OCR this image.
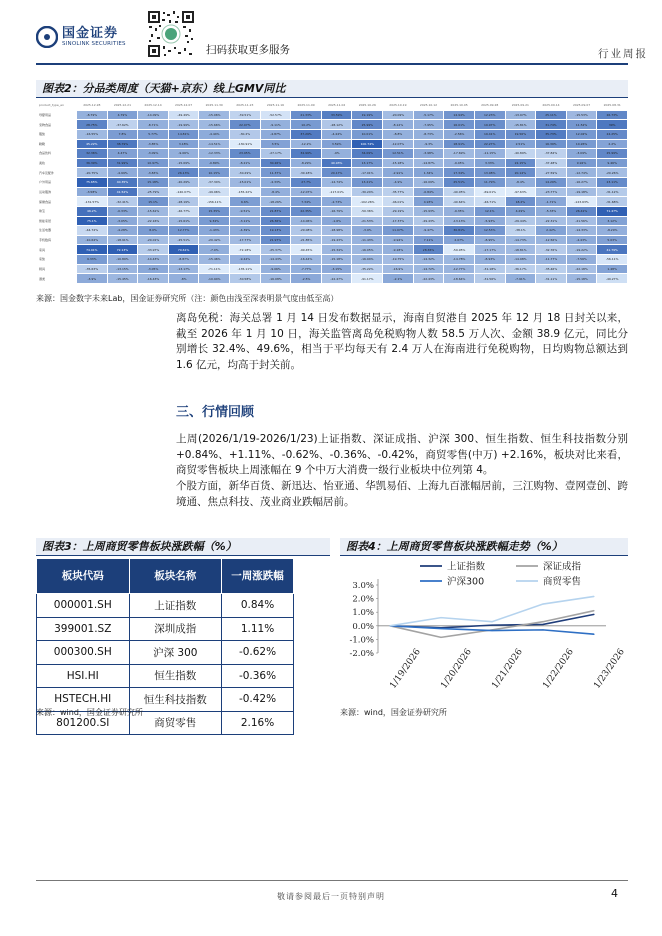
国金证券
SINOLINK SECURITIES
扫码获取更多服务	行业周报
图表2：分品类周度（天猫+京东）线上GMV同比
product_type_en	2025.12.28	2025.12.21	2025.12.14	2025.12.07	2025.11.30	2025.11.23	2025.11.16	2025.11.09	2025.11.02	2025.10.26	2025.10.19	2025.10.12	2025.10.05	2025.09.28	2025.09.21	2025.09.14	2025.09.07	2025.08.31
母婴用品	-8.79%	4.79%	-14.09%	-49.49%	-15.06%	-39.51%	-52.57%	21.33%	33.59%	19.19%	-20.09%	-5.17%	14.94%	12.23%	-13.97%	25.11%	-15.53%	26.73%
宠物食品	28.75%	-37.62%	-8.71%	-19.99%	-15.66%	22.07%	-9.11%	10.2%	-28.12%	25.99%	-8.12%	-7.95%	16.01%	19.97%	-15.81%	31.74%	11.52%	39%
服装	-16.55%	7.8%	5.77%	14.81%	-4.44%	-30.2%	-4.87%	37.29%	-4.44%	10.01%	-8.8%	-8.73%	-2.56%	19.41%	19.56%	35.73%	12.02%	24.25%
鞋靴	45.22%	38.79%	-3.85%	3.18%	-14.51%	-130.91%	3.5%	-12.2%	3.59%	100.74%	-12.07%	-9.3%	18.91%	22.27%	2.51%	16.39%	10.26%	2.2%
食品饮料	32.36%	4.47%	-3.09%	-9.06%	-12.33%	23.95%	-27.17%	34.99%	-9%	34.09%	12.51%	-3.98%	-17.69%	-11.15%	-40.89%	-37.84%	-3.09%	25.99%
美妆	36.39%	31.99%	10.97%	-15.09%	-0.89%	-8.21%	30.26%	-8.29%	40.93%	13.17%	-15.18%	-14.87%	-9.45%	3.33%	22.15%	-37.48%	9.92%	9.46%
汽车及配件	-20.75%	-4.99%	-3.83%	26.13%	10.15%	-30.29%	11.37%	-30.18%	20.17%	-17.01%	-2.91%	1.34%	17.34%	13.08%	20.14%	-27.59%	-12.74%	-20.26%
户外用品	75.65%	40.35%	15.18%	-20.29%	-37.34%	-15.01%	-4.33%	27.7%	-14.74%	13.21%	-4.9%	-16.09%	25.51%	11.79%	-8.4%	14.29%	-16.27%	23.11%
运动服饰	-3.58%	41.52%	-25.79%	-140.07%	-49.96%	-155.22%	-8.4%	-12.07%	-117.01%	-30.24%	-35.77%	-0.84%	-40.05%	-69.01%	-97.63%	-23.77%	-19.18%	-31.12%
保健食品	-131.57%	-32.41%	15.1%	-28.19%	-156.11%	6.6%	-18.26%	7.34%	-2.73%	-102.26%	-46.01%	4.93%	-40.64%	-46.71%	18.2%	-1.71%	-123.63%	-31.68%
珠宝	46.2%	-0.33%	-15.61%	-46.77%	15.35%	-9.51%	21.87%	22.35%	-16.79%	-50.36%	-29.19%	-15.93%	-9.35%	12.1%	4.29%	-5.33%	26.41%	71.47%
智能家居	75.1%	-3.05%	-22.16%	-15.61%	9.34%	-3.11%	26.36%	-14.06%	-1.6%	-21.53%	-17.37%	-29.43%	-13.13%	-5.93%	-29.44%	-22.31%	-21.56%	3.12%
生活电器	-44.74%	-4.28%	8.0%	12.77%	-1.43%	-4.39%	19.13%	-29.08%	-18.98%	-3.9%	11.07%	-9.47%	30.81%	12.53%	-38.1%	2.42%	-14.33%	-8.29%
手机数码	-10.64%	-18.91%	-20.01%	-25.51%	-20.42%	-17.77%	21.97%	-21.85%	-19.43%	-11.43%	-9.94%	7.11%	2.07%	-8.95%	-14.73%	-12.56%	-4.43%	5.03%
家具	74.91%	72.13%	-33.97%	70.61%	-7.0%	-72.18%	-25.37%	-99.45%	-15.34%	-16.05%	-9.18%	28.36%	-59.95%	-17.17%	-18.81%	-32.76%	-19.22%	41.79%
家装	9.33%	-10.89%	-14.43%	-8.87%	-15.46%	-9.44%	-14.43%	-16.44%	-15.18%	-16.04%	-19.75%	-14.32%	-14.78%	-8.93%	-14.98%	-11.77%	-7.56%	-56.11%
厨具	-35.63%	-13.15%	-3.05%	-13.17%	-71.11%	-135.11%	-9.06%	-7.77%	-3.15%	-35.22%	-16.9%	-14.72%	-12.77%	-31.18%	-36.17%	-35.46%	-22.18%	1.48%
酒类	-3.9%	-15.45%	-16.43%	-8%	-10.94%	-30.58%	-16.08%	-2.5%	-22.47%	-91.17%	-2.1%	-22.43%	-18.64%	-31.56%	-7.91%	-31.11%	-15.18%	-49.27%
来源：国金数字未来Lab，国金证券研究所（注：颜色由浅至深表明景气度由低至高）

离岛免税：海关总署 1 月 14 日发布数据显示，海南自贸港自 2025 年 12 月 18 日封关以来，截至 2026 年 1 月 10 日，海关监管离岛免税购物人数 58.5 万人次、金额 38.9 亿元，同比分别增长 32.4%、49.6%，相当于平均每天有 2.4 万人在海南进行免税购物，日均购物总额达到 1.6 亿元，均高于封关前。

三、行情回顾

上周(2026/1/19-2026/1/23)上证指数、深证成指、沪深 300、恒生指数、恒生科技指数分别+0.84%、+1.11%、-0.62%、-0.36%、-0.42%，商贸零售(中万) +2.16%，板块对比来看，商贸零售板块上周涨幅在 9 个中万大消费一级行业板块中位列第 4。

个股方面，新华百货、新迅达、怡亚通、华凯易佰、上海九百涨幅居前，三江购物、壹网壹创、跨境通、焦点科技、茂业商业跌幅居前。

图表3：上周商贸零售板块涨跌幅（%）
板块代码	板块名称	一周涨跌幅
000001.SH	上证指数	0.84%
399001.SZ	深圳成指	1.11%
000300.SH	沪深 300	-0.62%
HSI.HI	恒生指数	-0.36%
HSTECH.HI	恒生科技指数	-0.42%
801200.SI	商贸零售	2.16%
图表4：上周商贸零售板块涨跌幅走势（%）
3.0%
2.0%
1.0%
0.0%
-1.0%
-2.0% 1/19/2026 1/20/2026 1/21/2026 1/22/2026 1/23/2026
上证指数	深证成指
沪深300	商贸零售
来源：wind，国金证券研究所	来源：wind，国金证券研究所
敬请参阅最后一页特别声明	4
